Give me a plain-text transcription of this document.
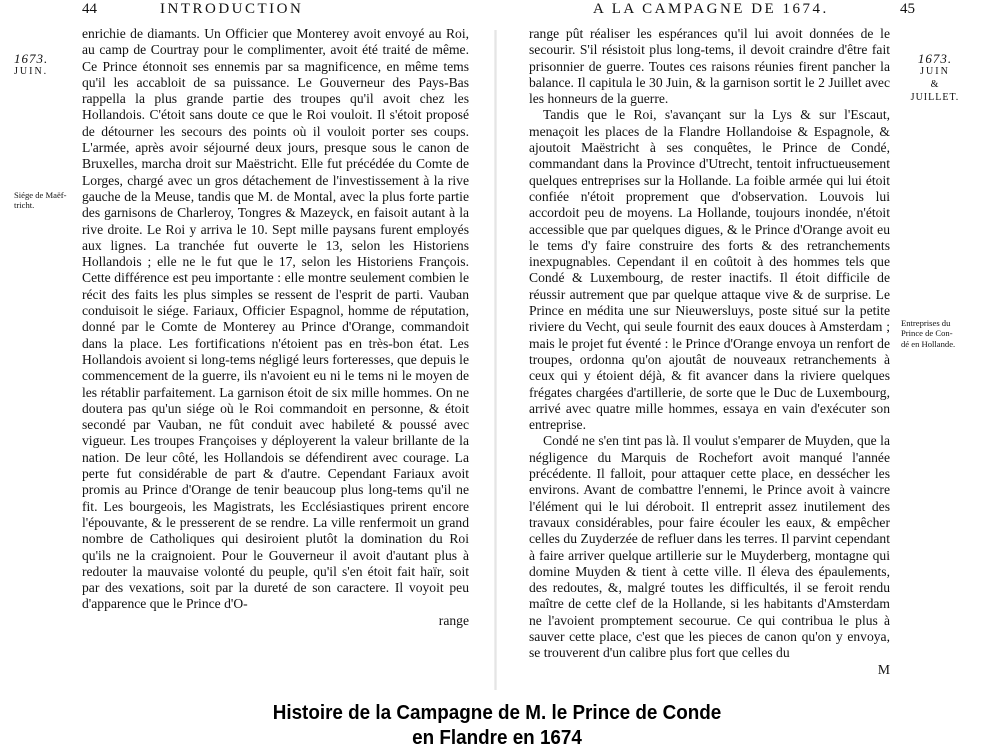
44	INTRODUCTION
1673.
JUIN.
Siége de Maëf-
tricht.

enrichie de diamants. Un Officier que Monterey avoit envoyé au Roi, au camp de Courtray pour le complimenter, avoit été traité de même. Ce Prince étonnoit ses ennemis par sa magnificence, en même tems qu'il les accabloit de sa puissance. Le Gouverneur des Pays-Bas rappella la plus grande partie des troupes qu'il avoit chez les Hollandois. C'étoit sans doute ce que le Roi vouloit. Il s'étoit proposé de détourner les secours des points où il vouloit porter ses coups. L'armée, après avoir séjourné deux jours, presque sous le canon de Bruxelles, marcha droit sur Maëstricht. Elle fut précédée du Comte de Lorges, chargé avec un gros détachement de l'investissement à la rive gauche de la Meuse, tandis que M. de Montal, avec la plus forte partie des garnisons de Charleroy, Tongres & Mazeyck, en faisoit autant à la rive droite. Le Roi y arriva le 10. Sept mille paysans furent employés aux lignes. La tranchée fut ouverte le 13, selon les Historiens Hollandois ; elle ne le fut que le 17, selon les Historiens François. Cette différence est peu importante : elle montre seulement combien le récit des faits les plus simples se ressent de l'esprit de parti. Vauban conduisoit le siége. Fariaux, Officier Espagnol, homme de réputation, donné par le Comte de Monterey au Prince d'Orange, commandoit dans la place. Les fortifications n'étoient pas en très-bon état. Les Hollandois avoient si long-tems négligé leurs forteresses, que depuis le commencement de la guerre, ils n'avoient eu ni le tems ni le moyen de les rétablir parfaitement. La garnison étoit de six mille hommes. On ne doutera pas qu'un siége où le Roi commandoit en personne, & étoit secondé par Vauban, ne fût conduit avec habileté & poussé avec vigueur. Les troupes Françoises y déployerent la valeur brillante de la nation. De leur côté, les Hollandois se défendirent avec courage. La perte fut considérable de part & d'autre. Cependant Fariaux avoit promis au Prince d'Orange de tenir beaucoup plus long-tems qu'il ne fit. Les bourgeois, les Magistrats, les Ecclésiastiques prirent encore l'épouvante, & le presserent de se rendre. La ville renfermoit un grand nombre de Catholiques qui desiroient plutôt la domination du Roi qu'ils ne la craignoient. Pour le Gouverneur il avoit d'autant plus à redouter la mauvaise volonté du peuple, qu'il s'en étoit fait haïr, soit par des vexations, soit par la dureté de son caractere. Il voyoit peu d'apparence que le Prince d'O-

range
A LA CAMPAGNE DE 1674.	45
1673.
JUIN
&
JUILLET.
Entreprises du
Prince de Con-
dé en Hollande.

range pût réaliser les espérances qu'il lui avoit données de le secourir. S'il résistoit plus long-tems, il devoit craindre d'être fait prisonnier de guerre. Toutes ces raisons réunies firent pancher la balance. Il capitula le 30 Juin, & la garnison sortit le 2 Juillet avec les honneurs de la guerre.

Tandis que le Roi, s'avançant sur la Lys & sur l'Escaut, menaçoit les places de la Flandre Hollandoise & Espagnole, & ajoutoit Maëstricht à ses conquêtes, le Prince de Condé, commandant dans la Province d'Utrecht, tentoit infructueusement quelques entreprises sur la Hollande. La foible armée qui lui étoit confiée n'étoit proprement que d'observation. Louvois lui accordoit peu de moyens. La Hollande, toujours inondée, n'étoit accessible que par quelques digues, & le Prince d'Orange avoit eu le tems d'y faire construire des forts & des retranchements inexpugnables. Cependant il en coûtoit à des hommes tels que Condé & Luxembourg, de rester inactifs. Il étoit difficile de réussir autrement que par quelque attaque vive & de surprise. Le Prince en médita une sur Nieuwersluys, poste situé sur la petite riviere du Vecht, qui seule fournit des eaux douces à Amsterdam ; mais le projet fut éventé : le Prince d'Orange envoya un renfort de troupes, ordonna qu'on ajoutât de nouveaux retranchements à ceux qui y étoient déjà, & fit avancer dans la riviere quelques frégates chargées d'artillerie, de sorte que le Duc de Luxembourg, arrivé avec quatre mille hommes, essaya en vain d'exécuter son entreprise.

Condé ne s'en tint pas là. Il voulut s'emparer de Muyden, que la négligence du Marquis de Rochefort avoit manqué l'année précédente. Il falloit, pour attaquer cette place, en dessécher les environs. Avant de combattre l'ennemi, le Prince avoit à vaincre l'élément qui le lui déroboit. Il entreprit assez inutilement des travaux considérables, pour faire écouler les eaux, & empêcher celles du Zuyderzée de refluer dans les terres. Il parvint cependant à faire arriver quelque artillerie sur le Muyderberg, montagne qui domine Muyden & tient à cette ville. Il éleva des épaulements, des redoutes, &, malgré toutes les difficultés, il se feroit rendu maître de cette clef de la Hollande, si les habitants d'Amsterdam ne l'avoient promptement secourue. Ce qui contribua le plus à sauver cette place, c'est que les pieces de canon qu'on y envoya, se trouverent d'un calibre plus fort que celles du

M
Histoire de la Campagne de M. le Prince de Conde
en Flandre en 1674
